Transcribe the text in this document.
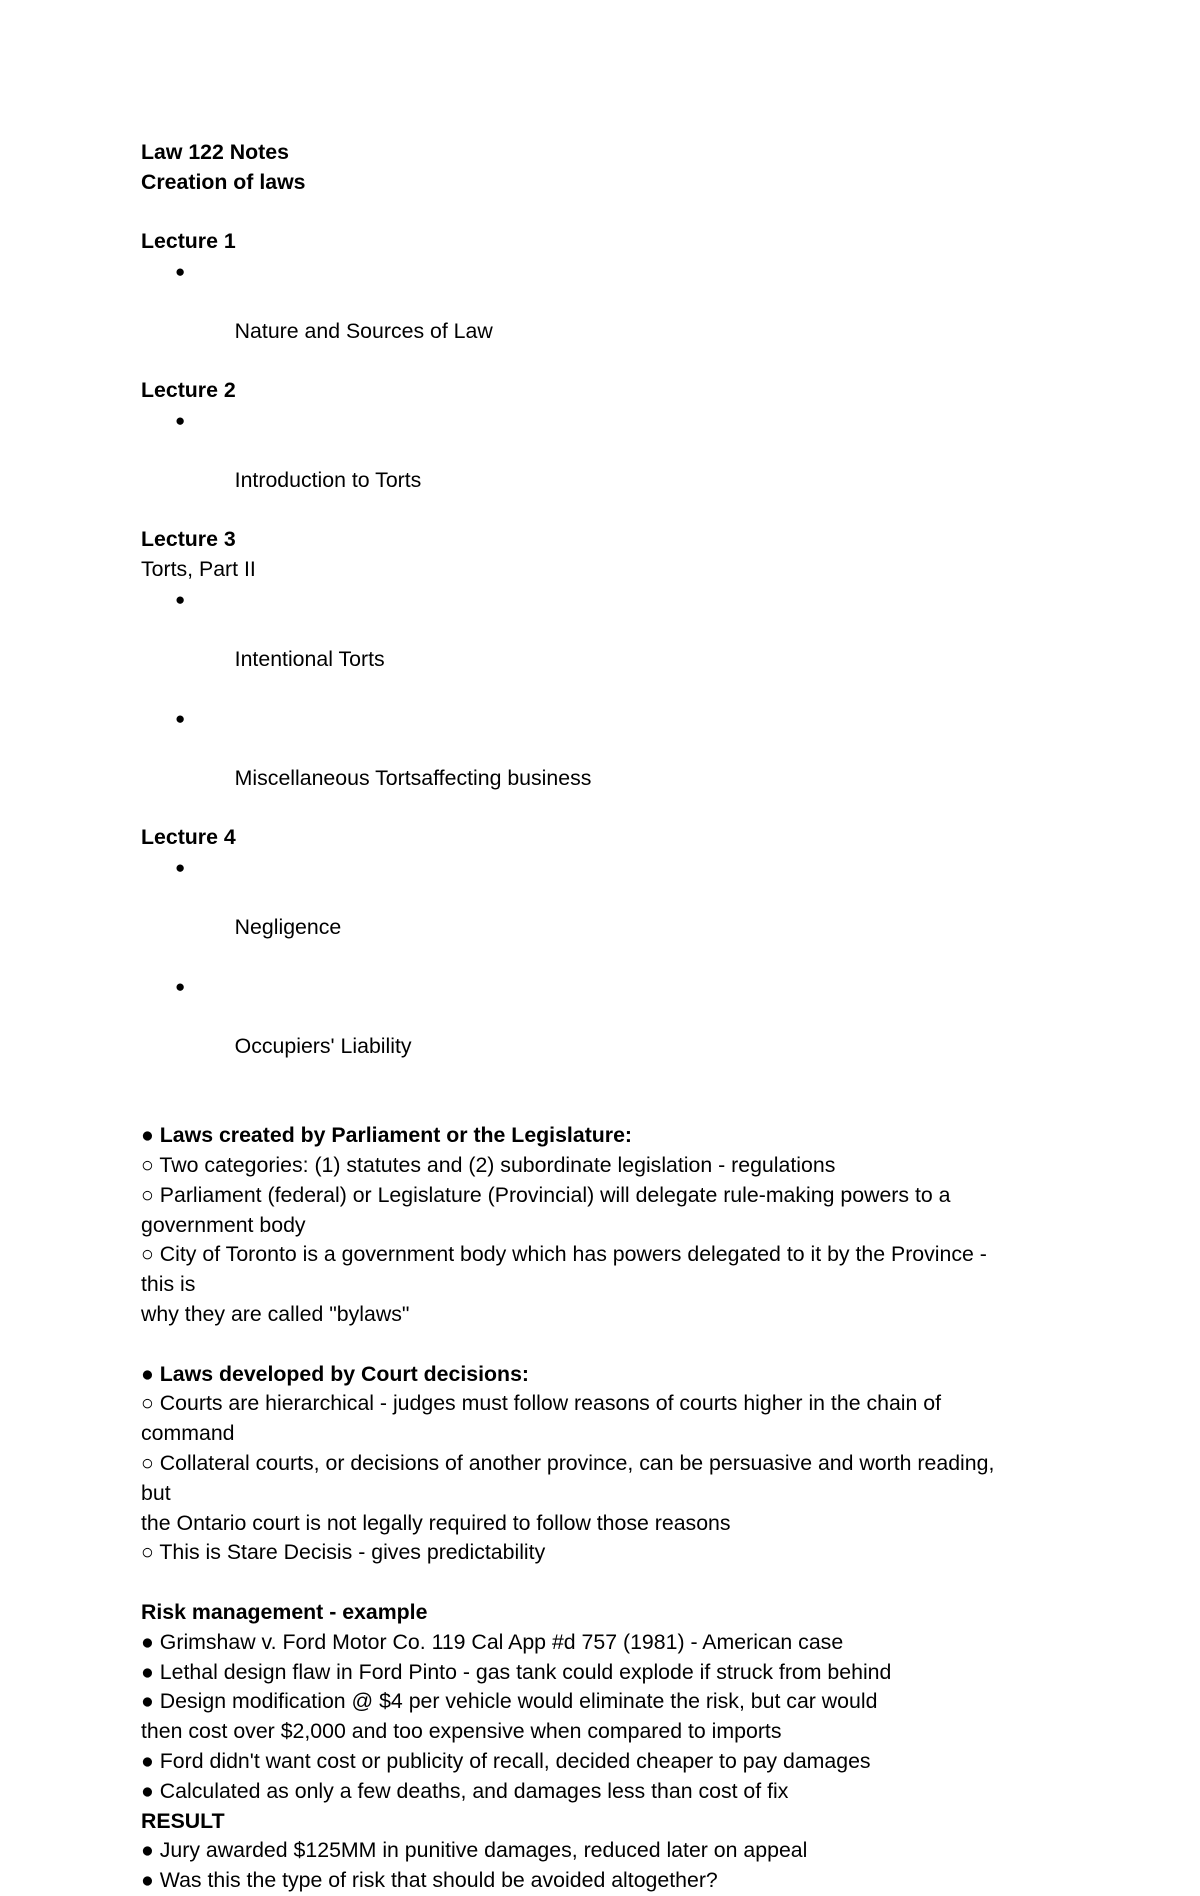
Law 122 Notes
Creation of laws
Lecture 1

●

Nature and Sources of Law

Lecture 2

●

Introduction to Torts

Lecture 3
Torts, Part II

●

Intentional Torts

●

Miscellaneous Tortsaffecting business

Lecture 4

●

Negligence

●

Occupiers' Liability

● Laws created by Parliament or the Legislature:
○ Two categories: (1) statutes and (2) subordinate legislation - regulations
○ Parliament (federal) or Legislature (Provincial) will delegate rule-making powers to a
government body
○ City of Toronto is a government body which has powers delegated to it by the Province -
this is
why they are called "bylaws"
● Laws developed by Court decisions:
○ Courts are hierarchical - judges must follow reasons of courts higher in the chain of
command
○ Collateral courts, or decisions of another province, can be persuasive and worth reading,
but
the Ontario court is not legally required to follow those reasons
○ This is Stare Decisis - gives predictability
Risk management - example
● Grimshaw v. Ford Motor Co. 119 Cal App #d 757 (1981) - American case
● Lethal design flaw in Ford Pinto - gas tank could explode if struck from behind
● Design modification @ $4 per vehicle would eliminate the risk, but car would
then cost over $2,000 and too expensive when compared to imports
● Ford didn't want cost or publicity of recall, decided cheaper to pay damages
● Calculated as only a few deaths, and damages less than cost of fix
RESULT
● Jury awarded $125MM in punitive damages, reduced later on appeal
● Was this the type of risk that should be avoided altogether?
